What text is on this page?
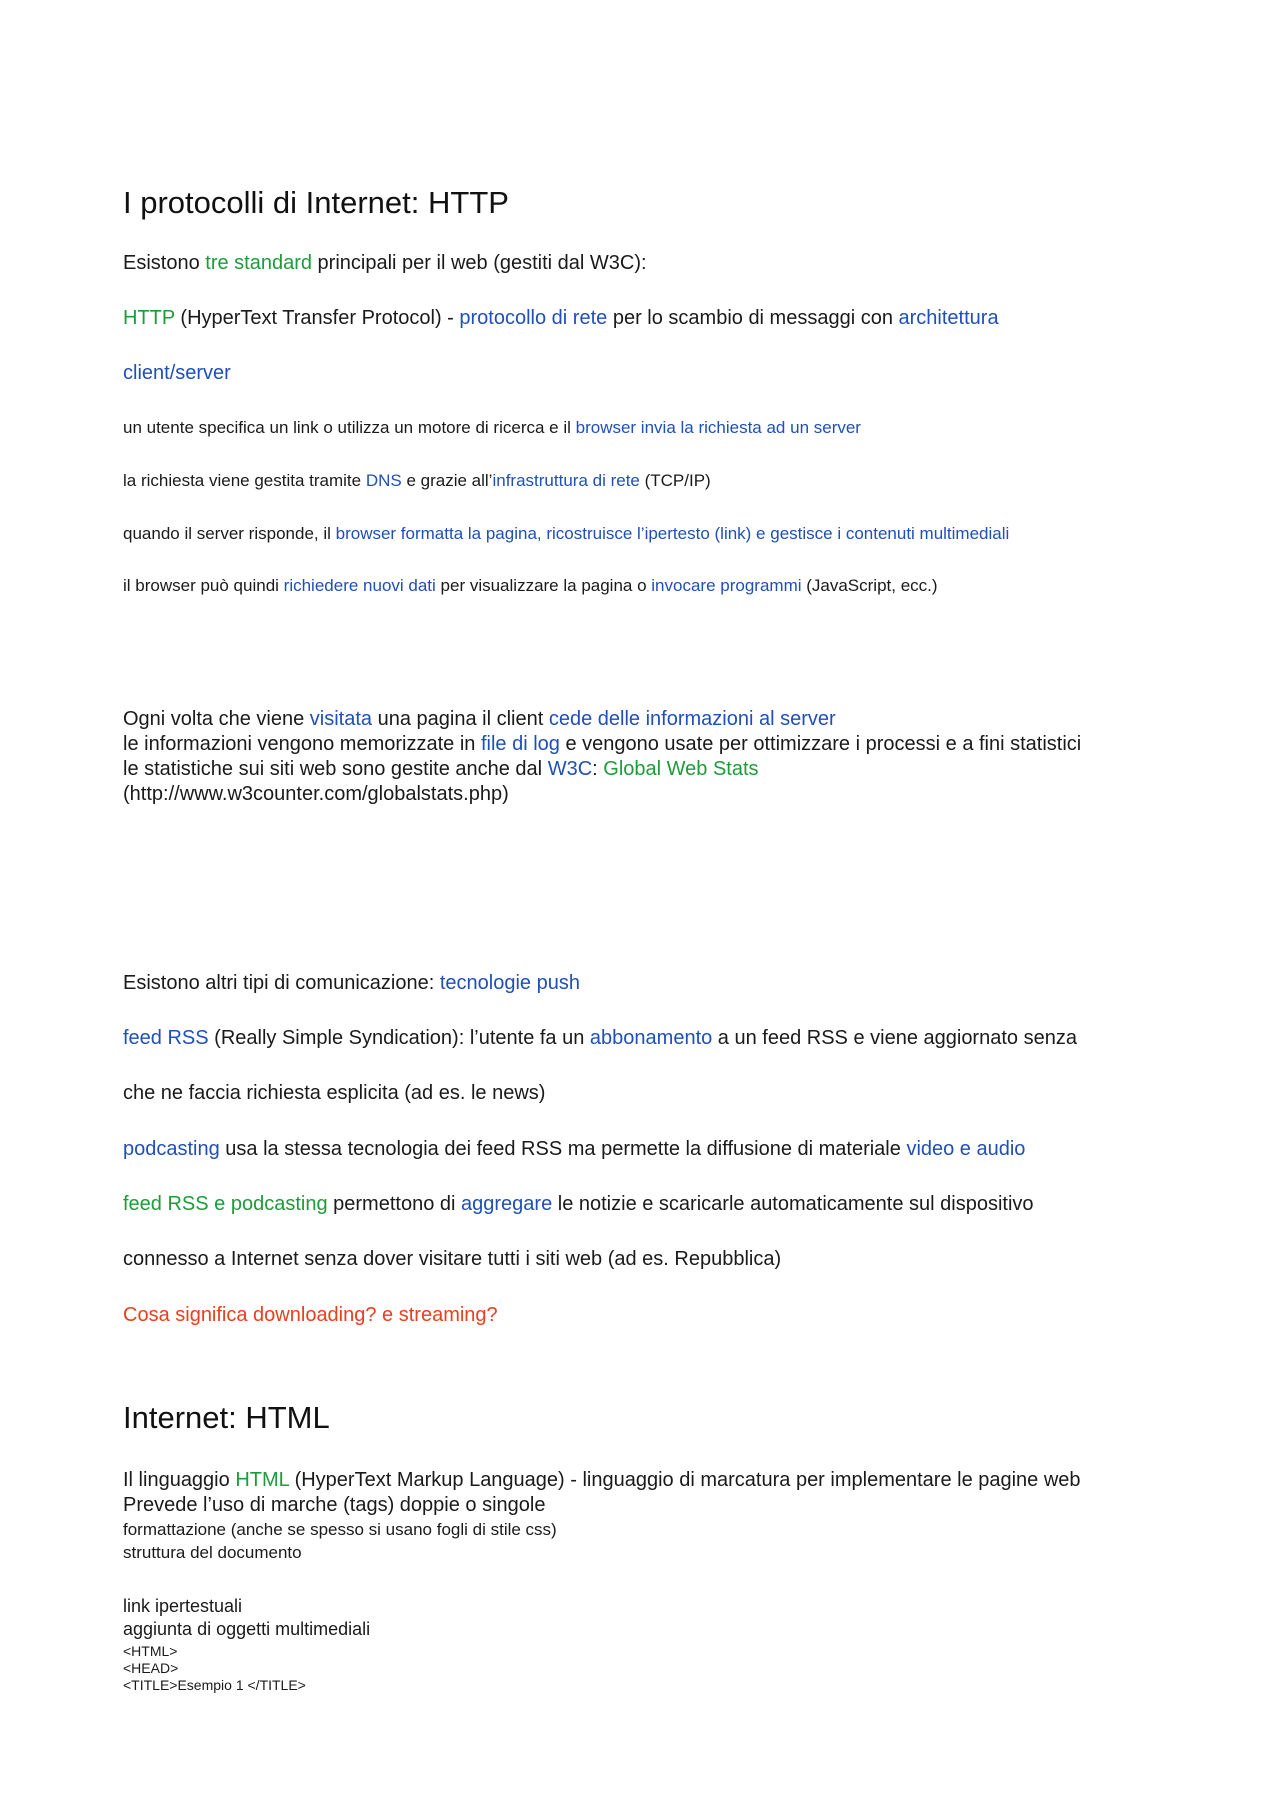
I protocolli di Internet: HTTP

Esistono tre standard principali per il web (gestiti dal W3C):

HTTP (HyperText Transfer Protocol) - protocollo di rete per lo scambio di messaggi con architettura

client/server

un utente specifica un link o utilizza un motore di ricerca e il browser invia la richiesta ad un server

la richiesta viene gestita tramite DNS e grazie all’infrastruttura di rete (TCP/IP)

quando il server risponde, il browser formatta la pagina, ricostruisce l’ipertesto (link) e gestisce i contenuti multimediali

il browser può quindi richiedere nuovi dati per visualizzare la pagina o invocare programmi (JavaScript, ecc.)

Ogni volta che viene visitata una pagina il client cede delle informazioni al server

le informazioni vengono memorizzate in file di log e vengono usate per ottimizzare i processi e a fini statistici

le statistiche sui siti web sono gestite anche dal W3C: Global Web Stats

(http://www.w3counter.com/globalstats.php)

Esistono altri tipi di comunicazione: tecnologie push

feed RSS (Really Simple Syndication): l’utente fa un abbonamento a un feed RSS e viene aggiornato senza

che ne faccia richiesta esplicita (ad es. le news)

podcasting usa la stessa tecnologia dei feed RSS ma permette la diffusione di materiale video e audio

feed RSS e podcasting permettono di aggregare le notizie e scaricarle automaticamente sul dispositivo

connesso a Internet senza dover visitare tutti i siti web (ad es. Repubblica)

Cosa significa downloading? e streaming?

Internet: HTML

Il linguaggio HTML (HyperText Markup Language) - linguaggio di marcatura per implementare le pagine web

Prevede l’uso di marche (tags) doppie o singole

formattazione (anche se spesso si usano fogli di stile css)

struttura del documento

link ipertestuali

aggiunta di oggetti multimediali

<HTML>

<HEAD>

<TITLE>Esempio 1 </TITLE>
